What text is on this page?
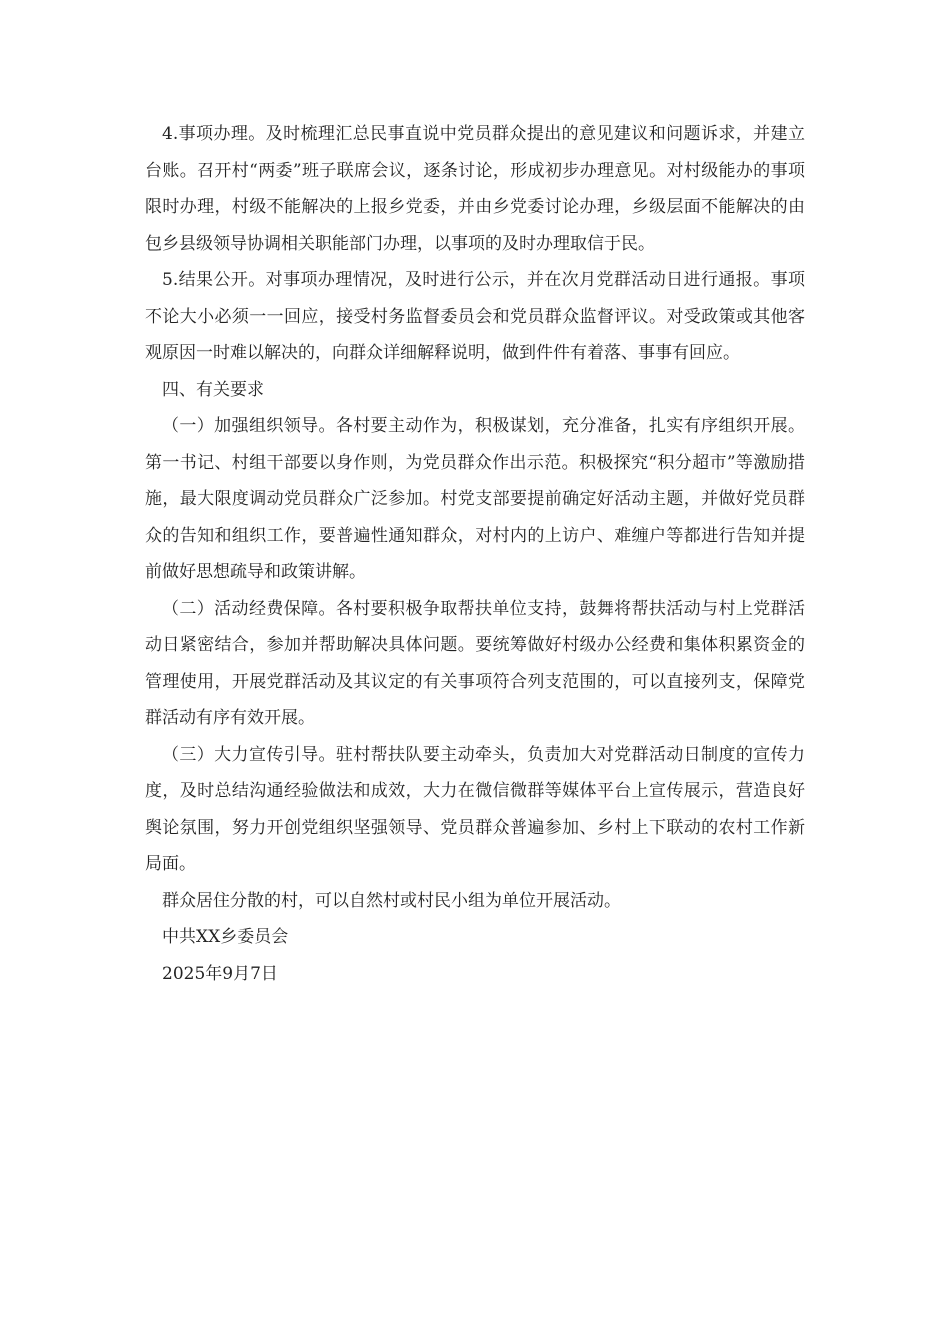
4.事项办理。及时梳理汇总民事直说中党员群众提出的意见建议和问题诉求，并建立台账。召开村“两委”班子联席会议，逐条讨论，形成初步办理意见。对村级能办的事项限时办理，村级不能解决的上报乡党委，并由乡党委讨论办理，乡级层面不能解决的由包乡县级领导协调相关职能部门办理，以事项的及时办理取信于民。

5.结果公开。对事项办理情况，及时进行公示，并在次月党群活动日进行通报。事项不论大小必须一一回应，接受村务监督委员会和党员群众监督评议。对受政策或其他客观原因一时难以解决的，向群众详细解释说明，做到件件有着落、事事有回应。

四、有关要求

（一）加强组织领导。各村要主动作为，积极谋划，充分准备，扎实有序组织开展。第一书记、村组干部要以身作则，为党员群众作出示范。积极探究“积分超市”等激励措施，最大限度调动党员群众广泛参加。村党支部要提前确定好活动主题，并做好党员群众的告知和组织工作，要普遍性通知群众，对村内的上访户、难缠户等都进行告知并提前做好思想疏导和政策讲解。

（二）活动经费保障。各村要积极争取帮扶单位支持，鼓舞将帮扶活动与村上党群活动日紧密结合，参加并帮助解决具体问题。要统筹做好村级办公经费和集体积累资金的管理使用，开展党群活动及其议定的有关事项符合列支范围的，可以直接列支，保障党群活动有序有效开展。

（三）大力宣传引导。驻村帮扶队要主动牵头，负责加大对党群活动日制度的宣传力度，及时总结沟通经验做法和成效，大力在微信微群等媒体平台上宣传展示，营造良好舆论氛围，努力开创党组织坚强领导、党员群众普遍参加、乡村上下联动的农村工作新局面。

群众居住分散的村，可以自然村或村民小组为单位开展活动。

中共XX乡委员会

2025年9月7日
